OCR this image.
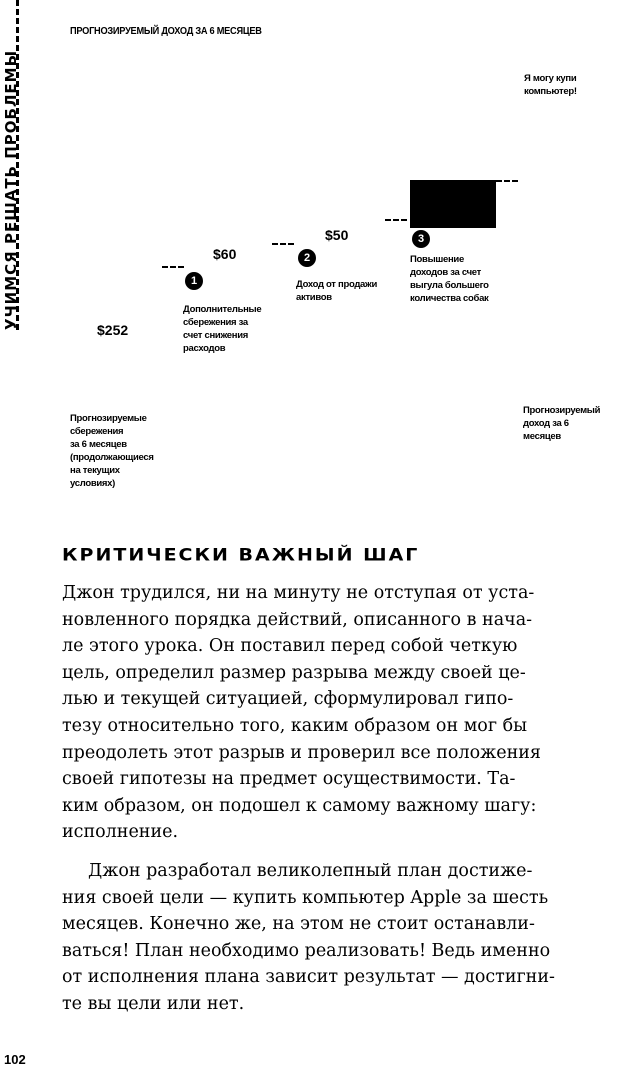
УЧИМСЯ РЕШАТЬ ПРОБЛЕМЫ
ПРОГНОЗИРУЕМЫЙ ДОХОД ЗА 6 МЕСЯЦЕВ
$252
Прогнозируемые
сбережения
за 6 месяцев
(продолжающиеся
на текущих
условиях)
$60
1
Дополнительные
сбережения за
счет снижения
расходов
$50
2
Доход от продажи
активов
3
Повышение
доходов за счет
выгула большего
количества собак
Я могу купи
компьютер!
Прогнозируемый
доход за 6
месяцев
КРИТИЧЕСКИ ВАЖНЫЙ ШАГ
Джон трудился, ни на минуту не отступая от уста-
новленного порядка действий, описанного в нача-
ле этого урока. Он поставил перед собой четкую
цель, определил размер разрыва между своей це-
лью и текущей ситуацией, сформулировал гипо-
тезу относительно того, каким образом он мог бы
преодолеть этот разрыв и проверил все положения
своей гипотезы на предмет осуществимости. Та-
ким образом, он подошел к самому важному шагу:
исполнение.
Джон разработал великолепный план достиже-
ния своей цели — купить компьютер Apple за шесть
месяцев. Конечно же, на этом не стоит останавли-
ваться! План необходимо реализовать! Ведь именно
от исполнения плана зависит результат — достигни-
те вы цели или нет.
102
